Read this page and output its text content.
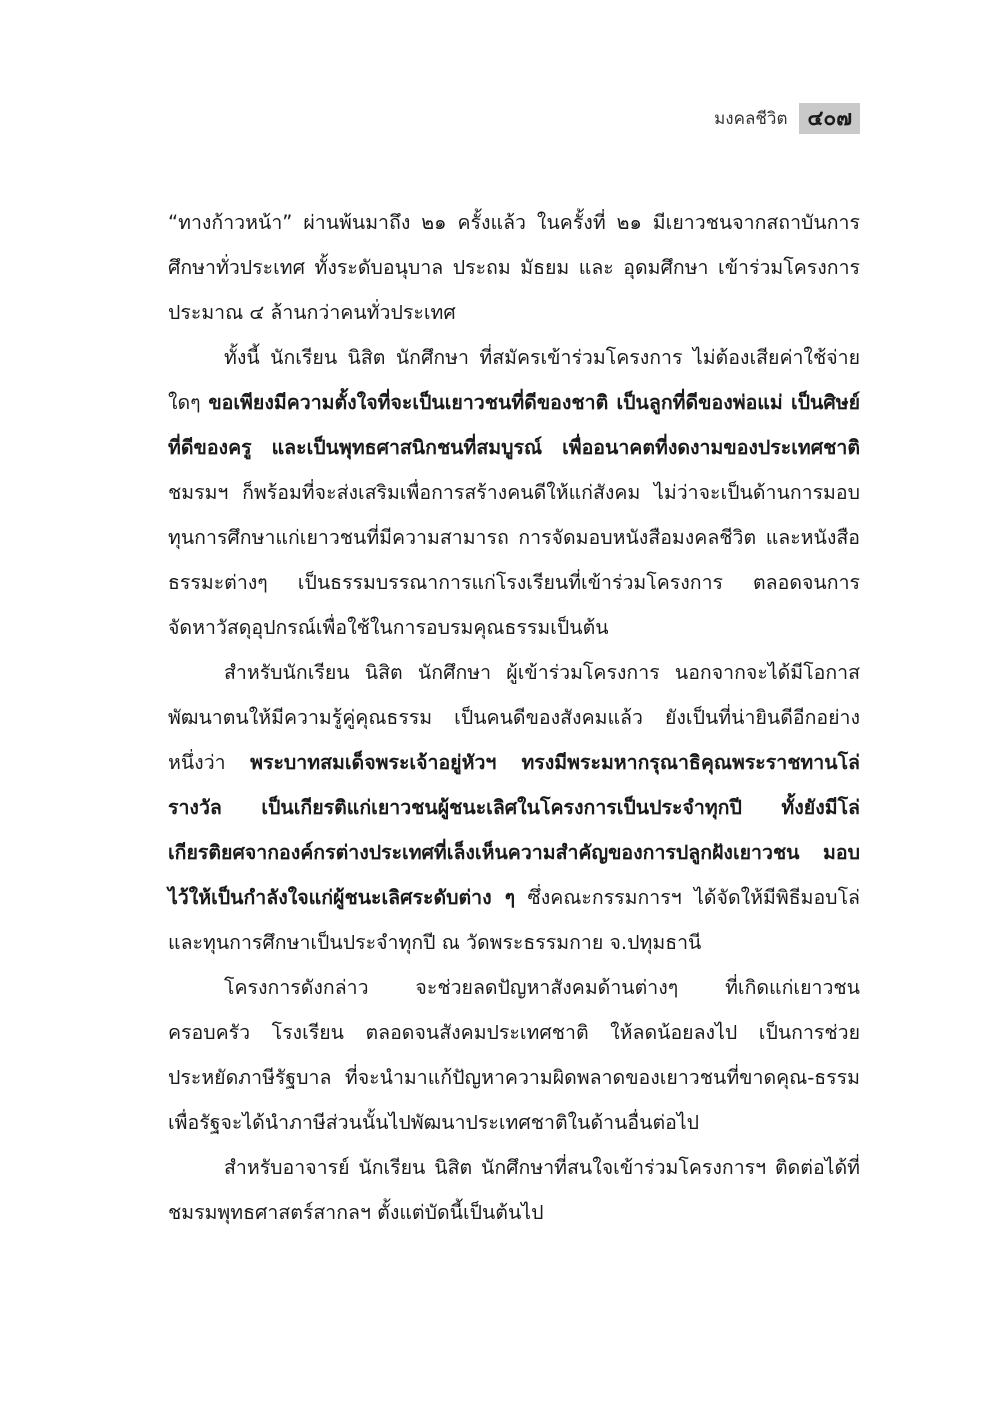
มงคลชีวิต ๔๐๗

“ทางก้าวหน้า” ผ่านพ้นมาถึง ๒๑ ครั้งแล้ว ในครั้งที่ ๒๑ มีเยาวชนจากสถาบันการศึกษาทั่วประเทศ ทั้งระดับอนุบาล ประถม มัธยม และ อุดมศึกษา เข้าร่วมโครงการประมาณ ๔ ล้านกว่าคนทั่วประเทศ

ทั้งนี้ นักเรียน นิสิต นักศึกษา ที่สมัครเข้าร่วมโครงการ ไม่ต้องเสียค่าใช้จ่ายใดๆ ขอเพียงมีความตั้งใจที่จะเป็นเยาวชนที่ดีของชาติ เป็นลูกที่ดีของพ่อแม่ เป็นศิษย์ที่ดีของครู และเป็นพุทธศาสนิกชนที่สมบูรณ์ เพื่ออนาคตที่งดงามของประเทศชาติ ชมรมฯ ก็พร้อมที่จะส่งเสริมเพื่อการสร้างคนดีให้แก่สังคม ไม่ว่าจะเป็นด้านการมอบทุนการศึกษาแก่เยาวชนที่มีความสามารถ การจัดมอบหนังสือมงคลชีวิต และหนังสือธรรมะต่างๆ เป็นธรรมบรรณาการแก่โรงเรียนที่เข้าร่วมโครงการ ตลอดจนการจัดหาวัสดุอุปกรณ์เพื่อใช้ในการอบรมคุณธรรมเป็นต้น

สำหรับนักเรียน นิสิต นักศึกษา ผู้เข้าร่วมโครงการ นอกจากจะได้มีโอกาสพัฒนาตนให้มีความรู้คู่คุณธรรม เป็นคนดีของสังคมแล้ว ยังเป็นที่น่ายินดีอีกอย่างหนึ่งว่า พระบาทสมเด็จพระเจ้าอยู่หัวฯ ทรงมีพระมหากรุณาธิคุณพระราชทานโล่รางวัล เป็นเกียรติแก่เยาวชนผู้ชนะเลิศในโครงการเป็นประจำทุกปี ทั้งยังมีโล่เกียรติยศจากองค์กรต่างประเทศที่เล็งเห็นความสำคัญของการปลูกฝังเยาวชน มอบไว้ให้เป็นกำลังใจแก่ผู้ชนะเลิศระดับต่าง ๆ ซึ่งคณะกรรมการฯ ได้จัดให้มีพิธีมอบโล่และทุนการศึกษาเป็นประจำทุกปี ณ วัดพระธรรมกาย จ.ปทุมธานี

โครงการดังกล่าว จะช่วยลดปัญหาสังคมด้านต่างๆ ที่เกิดแก่เยาวชนครอบครัว โรงเรียน ตลอดจนสังคมประเทศชาติ ให้ลดน้อยลงไป เป็นการช่วยประหยัดภาษีรัฐบาล ที่จะนำมาแก้ปัญหาความผิดพลาดของเยาวชนที่ขาดคุณ-ธรรม เพื่อรัฐจะได้นำภาษีส่วนนั้นไปพัฒนาประเทศชาติในด้านอื่นต่อไป

สำหรับอาจารย์ นักเรียน นิสิต นักศึกษาที่สนใจเข้าร่วมโครงการฯ ติดต่อได้ที่ ชมรมพุทธศาสตร์สากลฯ ตั้งแต่บัดนี้เป็นต้นไป
